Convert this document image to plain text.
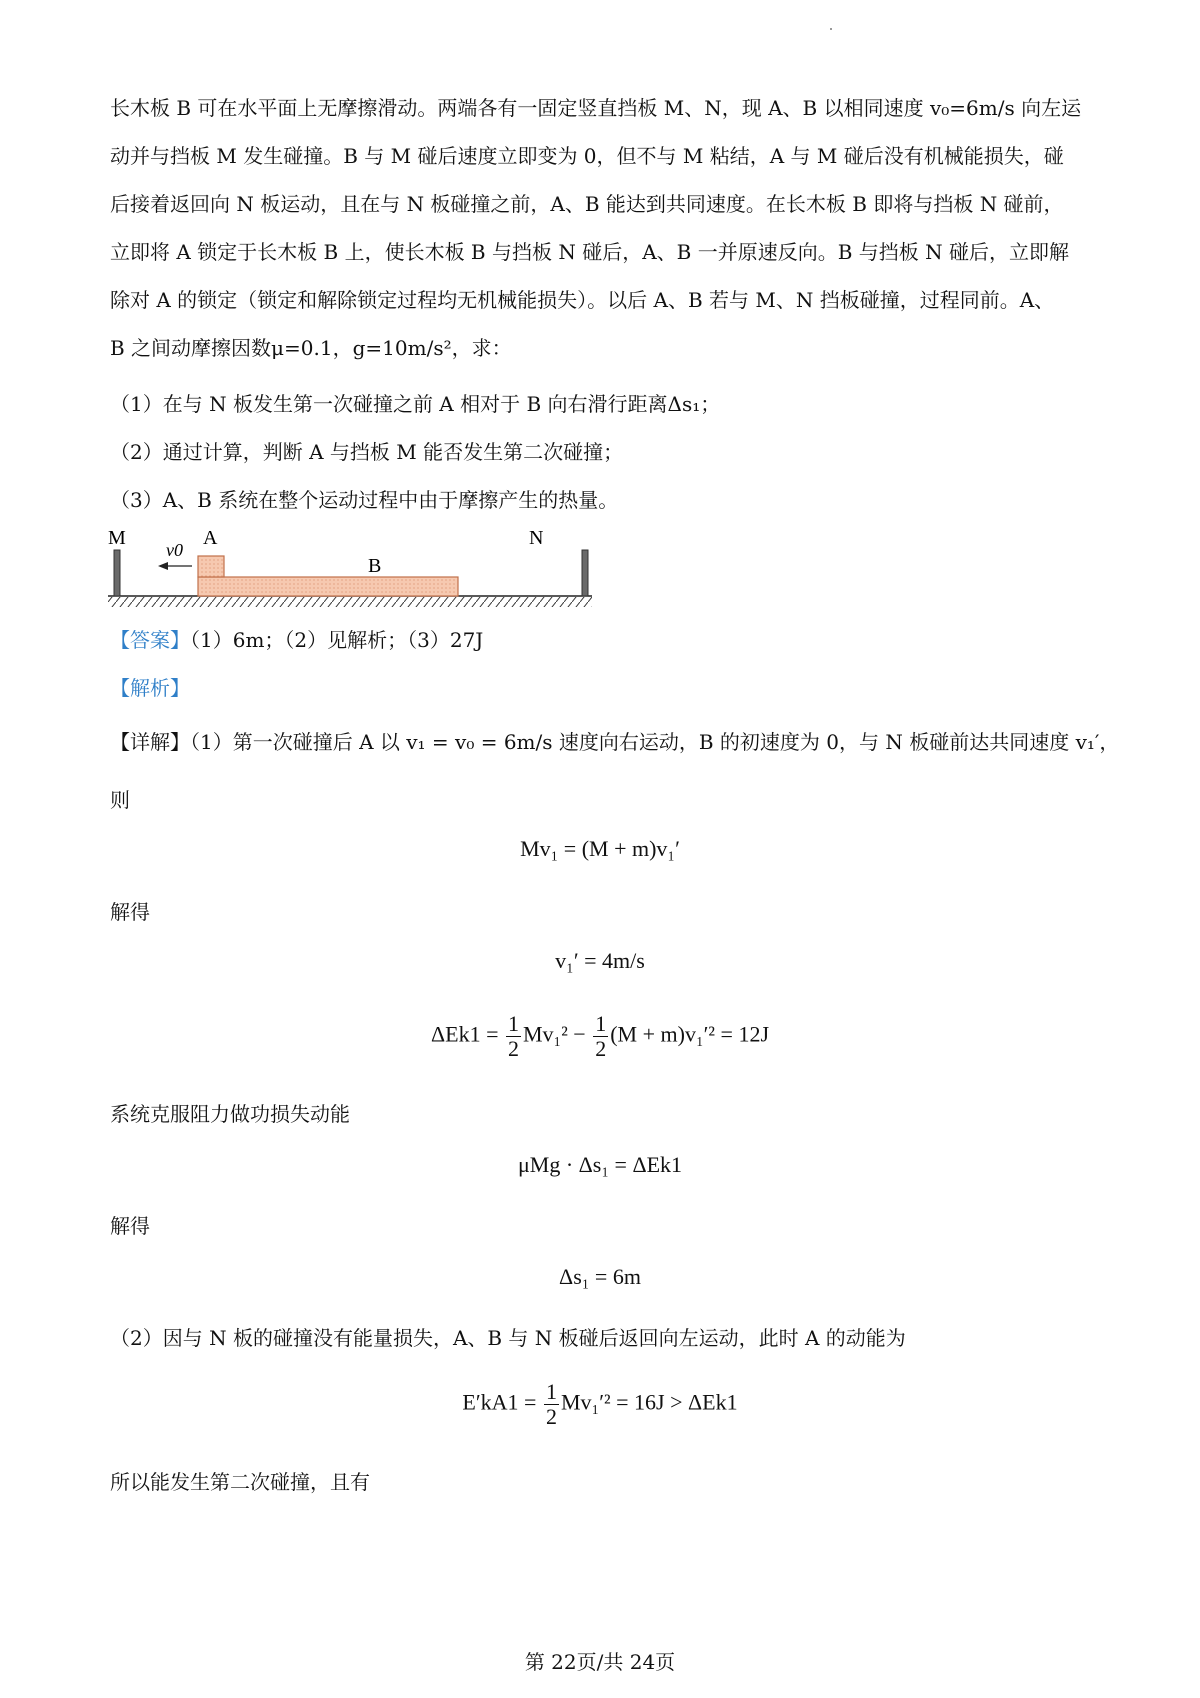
长木板 B 可在水平面上无摩擦滑动。两端各有一固定竖直挡板 M、N，现 A、B 以相同速度 v₀=6m/s 向左运
动并与挡板 M 发生碰撞。B 与 M 碰后速度立即变为 0，但不与 M 粘结，A 与 M 碰后没有机械能损失，碰
后接着返回向 N 板运动，且在与 N 板碰撞之前，A、B 能达到共同速度。在长木板 B 即将与挡板 N 碰前，
立即将 A 锁定于长木板 B 上，使长木板 B 与挡板 N 碰后，A、B 一并原速反向。B 与挡板 N 碰后，立即解
除对 A 的锁定（锁定和解除锁定过程均无机械能损失）。以后 A、B 若与 M、N 挡板碰撞，过程同前。A、
B 之间动摩擦因数μ=0.1，g=10m/s²，求：
（1）在与 N 板发生第一次碰撞之前 A 相对于 B 向右滑行距离Δs₁；
（2）通过计算，判断 A 与挡板 M 能否发生第二次碰撞；
（3）A、B 系统在整个运动过程中由于摩擦产生的热量。
M	N
A
B
v0
【答案】（1）6m；（2）见解析；（3）27J
【解析】
【详解】（1）第一次碰撞后 A 以 v₁ = v₀ = 6m/s 速度向右运动，B 的初速度为 0，与 N 板碰前达共同速度 v₁′，
则
Mv₁ = (M + m)v₁′
解得
v₁′ = 4m/s
$\Delta Ek1 = \frac{1}{2} Mv_1^2 - \frac{1}{2} (M + m)v_1'^2 = 12J$
系统克服阻力做功损失动能
μMg · Δs₁ = ΔEk1
解得
Δs₁ = 6m
（2）因与 N 板的碰撞没有能量损失，A、B 与 N 板碰后返回向左运动，此时 A 的动能为
$E'kA1 = \frac{1}{2} Mv_1'^2 = 16J > \Delta Ek1$
所以能发生第二次碰撞，且有
第 22页/共 24页
